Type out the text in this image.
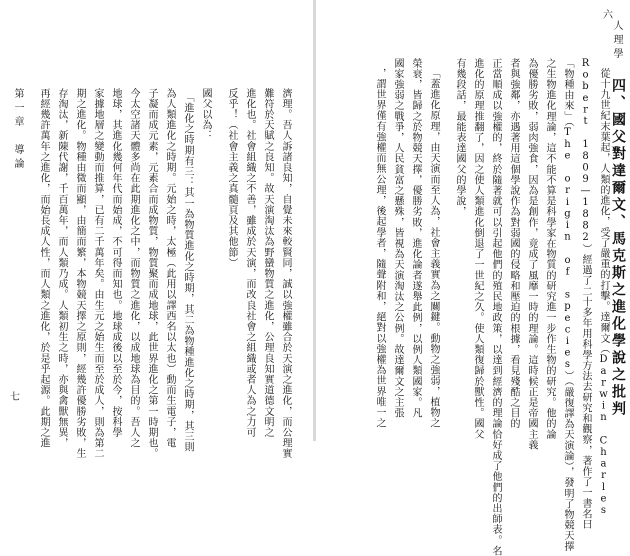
濟理。吾人訴諸良知，自覺未來較賢同，誠以強權雖合於天演之進化，而公理實
難符於天賦之良知。故天演淘汰為野蠻物質之進化，公理良知實道德文明之
進化也。社會組織之不善，雖成於天演，而改良社會之組織或者人為之力可
反乎！（社會主義之真髓頁及其他節）
國父以為：
「進化之時期有三：其一為物質進化之時期，其二為物種進化之時期，其三則
為人類進化之時期。元始之時，太極（此用以譯西名以太也）動而生電子，電
子凝而成元素，元素合而成物質，物質聚而成地球，此世界進化之第一時期也。
今太空諸天體多尚在此期進化之中，而物質之進化，以成地球為目的。吾人之
地球，其進化幾何年代而始成，不可得而知也。地球成後以至於今，按科學
家據地層之變動而推算，已有二千萬年矣。由生元之始生而至於成人，則為第二
期之進化。物種由微而顯，由簡而繁，本物競天擇之原則，經幾許優勝劣敗，生
存淘汰，新陳代謝，千百萬年，而人類乃成。人類初生之時，亦與禽獸無異，
再經幾許萬年之進化，而始長成人性，而人類之進化，於是乎起源。此期之進
第一章　導論
七
人理學
四、國父對達爾文、馬克斯之進化學說之批判
從十九世紀末葉起，人類的進化，受了嚴重的打擊。達爾文（Darwin Charles
Robert 1809—1882）經過了二十多年用科學方法去研究和觀察，著作了一書名曰
「物種由來」（The origin of species）（嚴復譯為天演論），發明了物競天擇
之生物進化理論，這不能不算是科學家在物質的研究進一步作生物的研究。他的論
為優勝劣敗，弱肉強食，因為是創作，竟成了風靡一時的理論。這時候正是帝國主義
者與強鄰，亦遇著用這個學說作為對弱國的侵略和壓迫的根據，看見殘酷之目的
正當順成以強權的，終於隨著就可以引起他們的殖民地政策，以達到經濟的理論恰好成了他們的出師表。名
進化的原理推翻了，因之使人類進化倒退了一世紀之久。使人類復歸於獸性。國父
有幾段話，最能表達國父的學說，
「蓋進化原理，由天演而至人為，社會主義實為之關鍵。動物之強弱，植物之
榮衰，皆歸之於物競天擇，優勝劣敗，進化論者遂舉此例，以例人類國家。凡
國家強弱之戰爭，人民貧富之懸殊，皆視為天演淘汰之公例。故達爾文之主張
，謂世界僅有強權而無公理，後起學者，隨聲附和，絕對以強權為世界唯一之
六
